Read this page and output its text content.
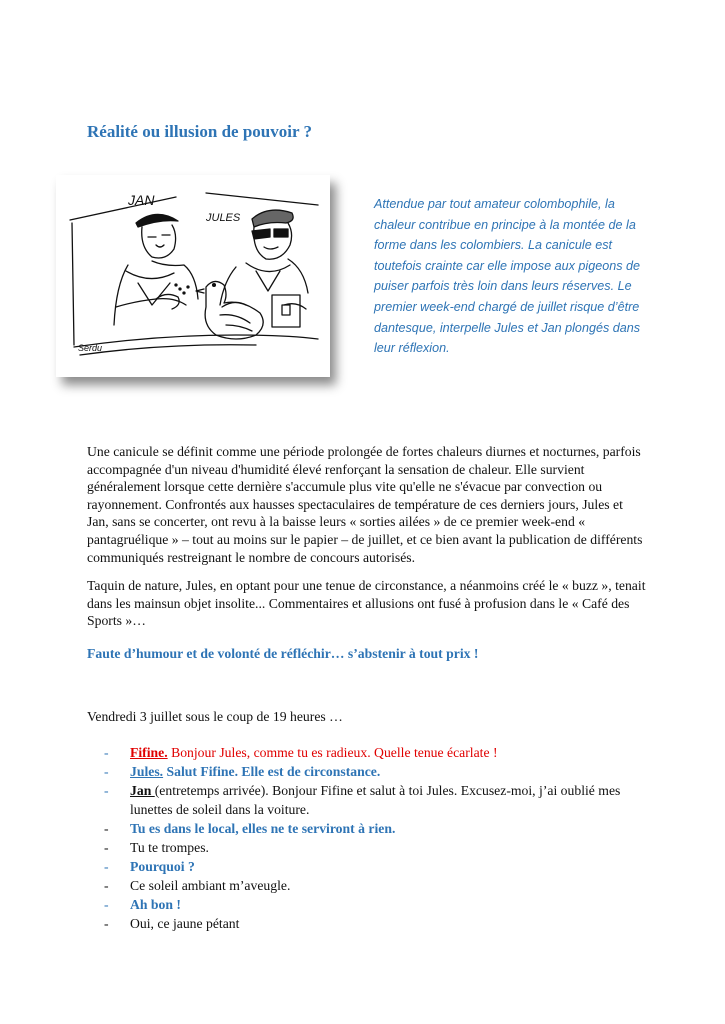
Réalité ou illusion de pouvoir ?
JAN
JULES
Serdu

Attendue par tout amateur colombophile, la chaleur contribue en principe à la montée de la forme dans les colombiers. La canicule est toutefois crainte car elle impose aux pigeons de puiser parfois très loin dans leurs réserves. Le premier week-end chargé de juillet risque d’être dantesque, interpelle Jules et Jan plongés dans leur réflexion.

Une canicule se définit comme une période prolongée de fortes chaleurs diurnes et nocturnes, parfois accompagnée d'un niveau d'humidité élevé renforçant la sensation de chaleur. Elle survient généralement lorsque cette dernière s'accumule plus vite qu'elle ne s'évacue par convection ou rayonnement. Confrontés aux hausses spectaculaires de température de ces derniers jours, Jules et Jan, sans se concerter, ont revu à la baisse leurs « sorties ailées » de ce premier week-end « pantagruélique » – tout au moins sur le papier – de juillet, et ce bien avant la publication de différents communiqués restreignant le nombre de concours autorisés.

Taquin de nature, Jules, en optant pour une tenue de circonstance, a néanmoins créé le « buzz », tenait dans les mainsun objet insolite... Commentaires et allusions ont fusé à profusion dans le « Café des Sports »…

Faute d’humour et de volonté de réfléchir… s’abstenir à tout prix !

Vendredi 3 juillet sous le coup de 19 heures …

- Fifine. Bonjour Jules, comme tu es radieux. Quelle tenue écarlate !
- Jules. Salut Fifine. Elle est de circonstance.
- Jan (entretemps arrivée). Bonjour Fifine et salut à toi Jules. Excusez-moi, j’ai oublié mes lunettes de soleil dans la voiture.
- Tu es dans le local, elles ne te serviront à rien.
- Tu te trompes.
- Pourquoi ?
- Ce soleil ambiant m’aveugle.
- Ah bon !
- Oui, ce jaune pétant
